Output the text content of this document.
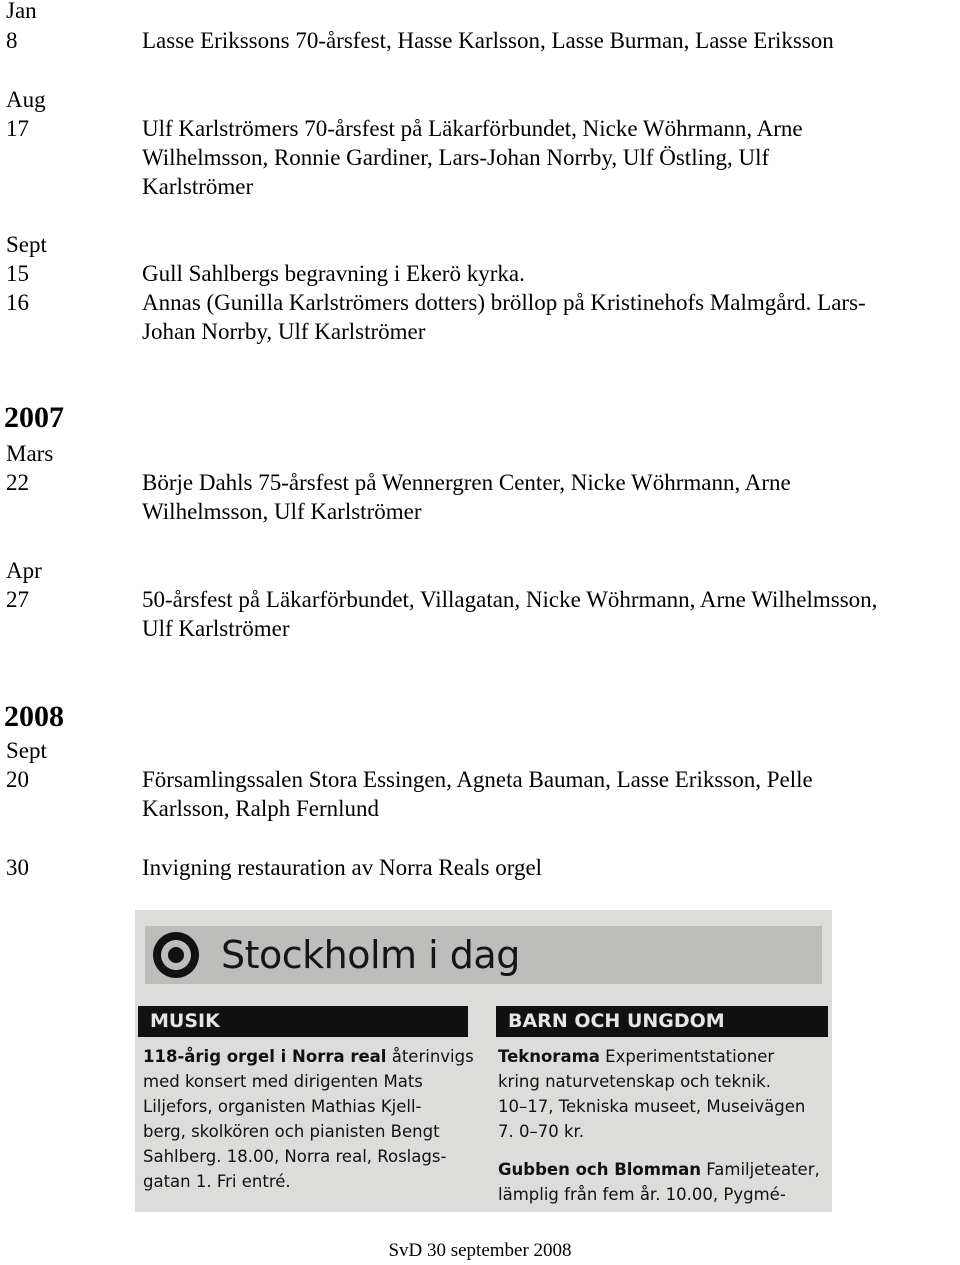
Jan
8	Lasse Erikssons 70-årsfest, Hasse Karlsson, Lasse Burman, Lasse Eriksson
Aug
17	Ulf Karlströmers 70-årsfest på Läkarförbundet, Nicke Wöhrmann, Arne
Wilhelmsson, Ronnie Gardiner, Lars-Johan Norrby, Ulf Östling, Ulf
Karlströmer
Sept
15	Gull Sahlbergs begravning i Ekerö kyrka.
16	Annas (Gunilla Karlströmers dotters) bröllop på Kristinehofs Malmgård. Lars-
Johan Norrby, Ulf Karlströmer
2007
Mars
22	Börje Dahls 75-årsfest på Wennergren Center, Nicke Wöhrmann, Arne
Wilhelmsson, Ulf Karlströmer
Apr
27	50-årsfest på Läkarförbundet, Villagatan, Nicke Wöhrmann, Arne Wilhelmsson,
Ulf Karlströmer
2008
Sept
20	Församlingssalen Stora Essingen, Agneta Bauman, Lasse Eriksson, Pelle
Karlsson, Ralph Fernlund
30	Invigning restauration av Norra Reals orgel
Stockholm i dag
MUSIK	BARN OCH UNGDOM
118-årig orgel i Norra real återinvigs
med konsert med dirigenten Mats
Liljefors, organisten Mathias Kjell-
berg, skolkören och pianisten Bengt
Sahlberg. 18.00, Norra real, Roslags-
gatan 1. Fri entré.
Teknorama Experimentstationer
kring naturvetenskap och teknik.
10–17, Tekniska museet, Museivägen
7. 0–70 kr.
Gubben och Blomman Familjeteater,
lämplig från fem år. 10.00, Pygmé-
SvD 30 september 2008
